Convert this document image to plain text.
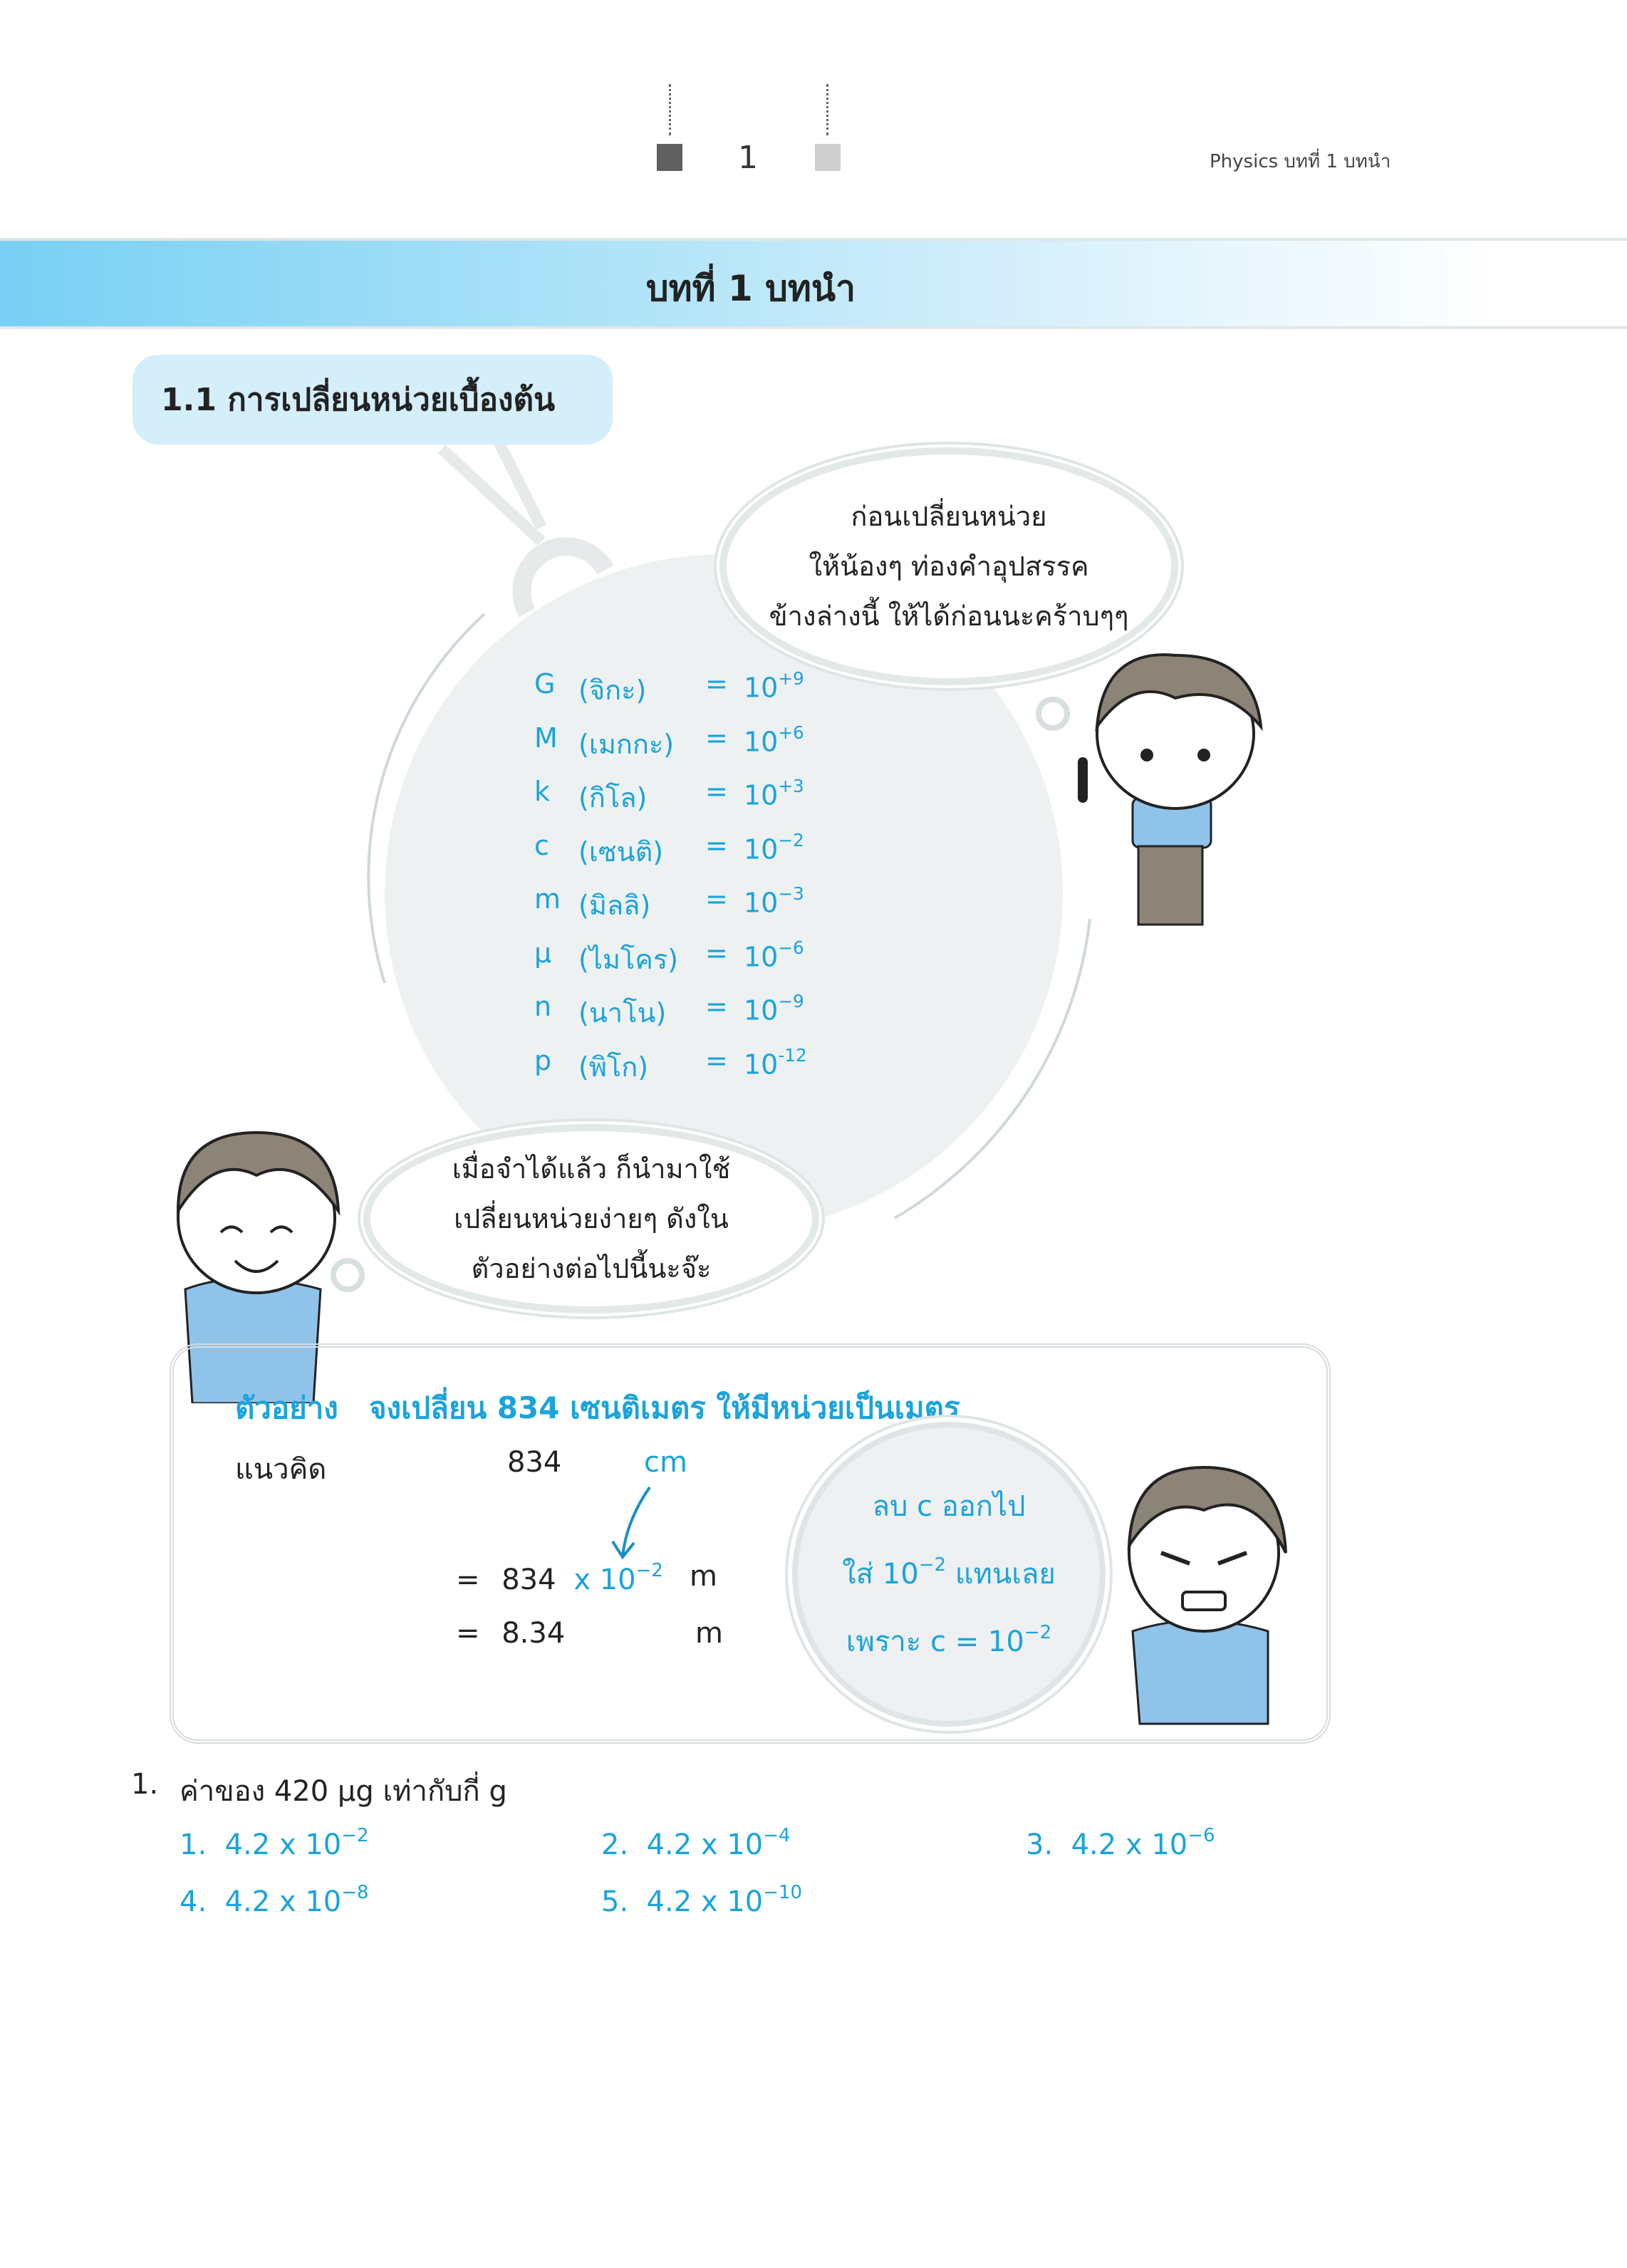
1	Physics บทที่ 1 บทนำ
บทที่ 1 บทนำ
1.1 การเปลี่ยนหน่วยเบื้องต้น
ก่อนเปลี่ยนหน่วย
ให้น้องๆ ท่องคำอุปสรรค
ข้างล่างนี้ ให้ได้ก่อนนะคร้าบๆๆ
G (จิกะ) = $10^{+9}$
M (เมกกะ) = $10^{+6}$
k (กิโล) = $10^{+3}$
c (เซนติ) = $10^{-2}$
m (มิลลิ) = $10^{-3}$
µ (ไมโคร) = $10^{-6}$
n (นาโน) = $10^{-9}$
p (พิโก) = $10^{-12}$
เมื่อจำได้แล้ว ก็นำมาใช้
เปลี่ยนหน่วยง่ายๆ ดังใน
ตัวอย่างต่อไปนี้นะจ๊ะ
ตัวอย่าง จงเปลี่ยน 834 เซนติเมตร ให้มีหน่วยเป็นเมตร
แนวคิด	834	cm
= 834 x $10^{-2}$ m
= 8.34	m
ลบ c ออกไป
ใส่ $10^{-2}$ แทนเลย
เพราะ $c = 10^{-2}$
1. ค่าของ 420 µg เท่ากับกี่ g
1. 4.2 x $10^{-2}$	2. 4.2 x $10^{-4}$	3. 4.2 x $10^{-6}$
4. 4.2 x $10^{-8}$	5. 4.2 x $10^{-10}$
